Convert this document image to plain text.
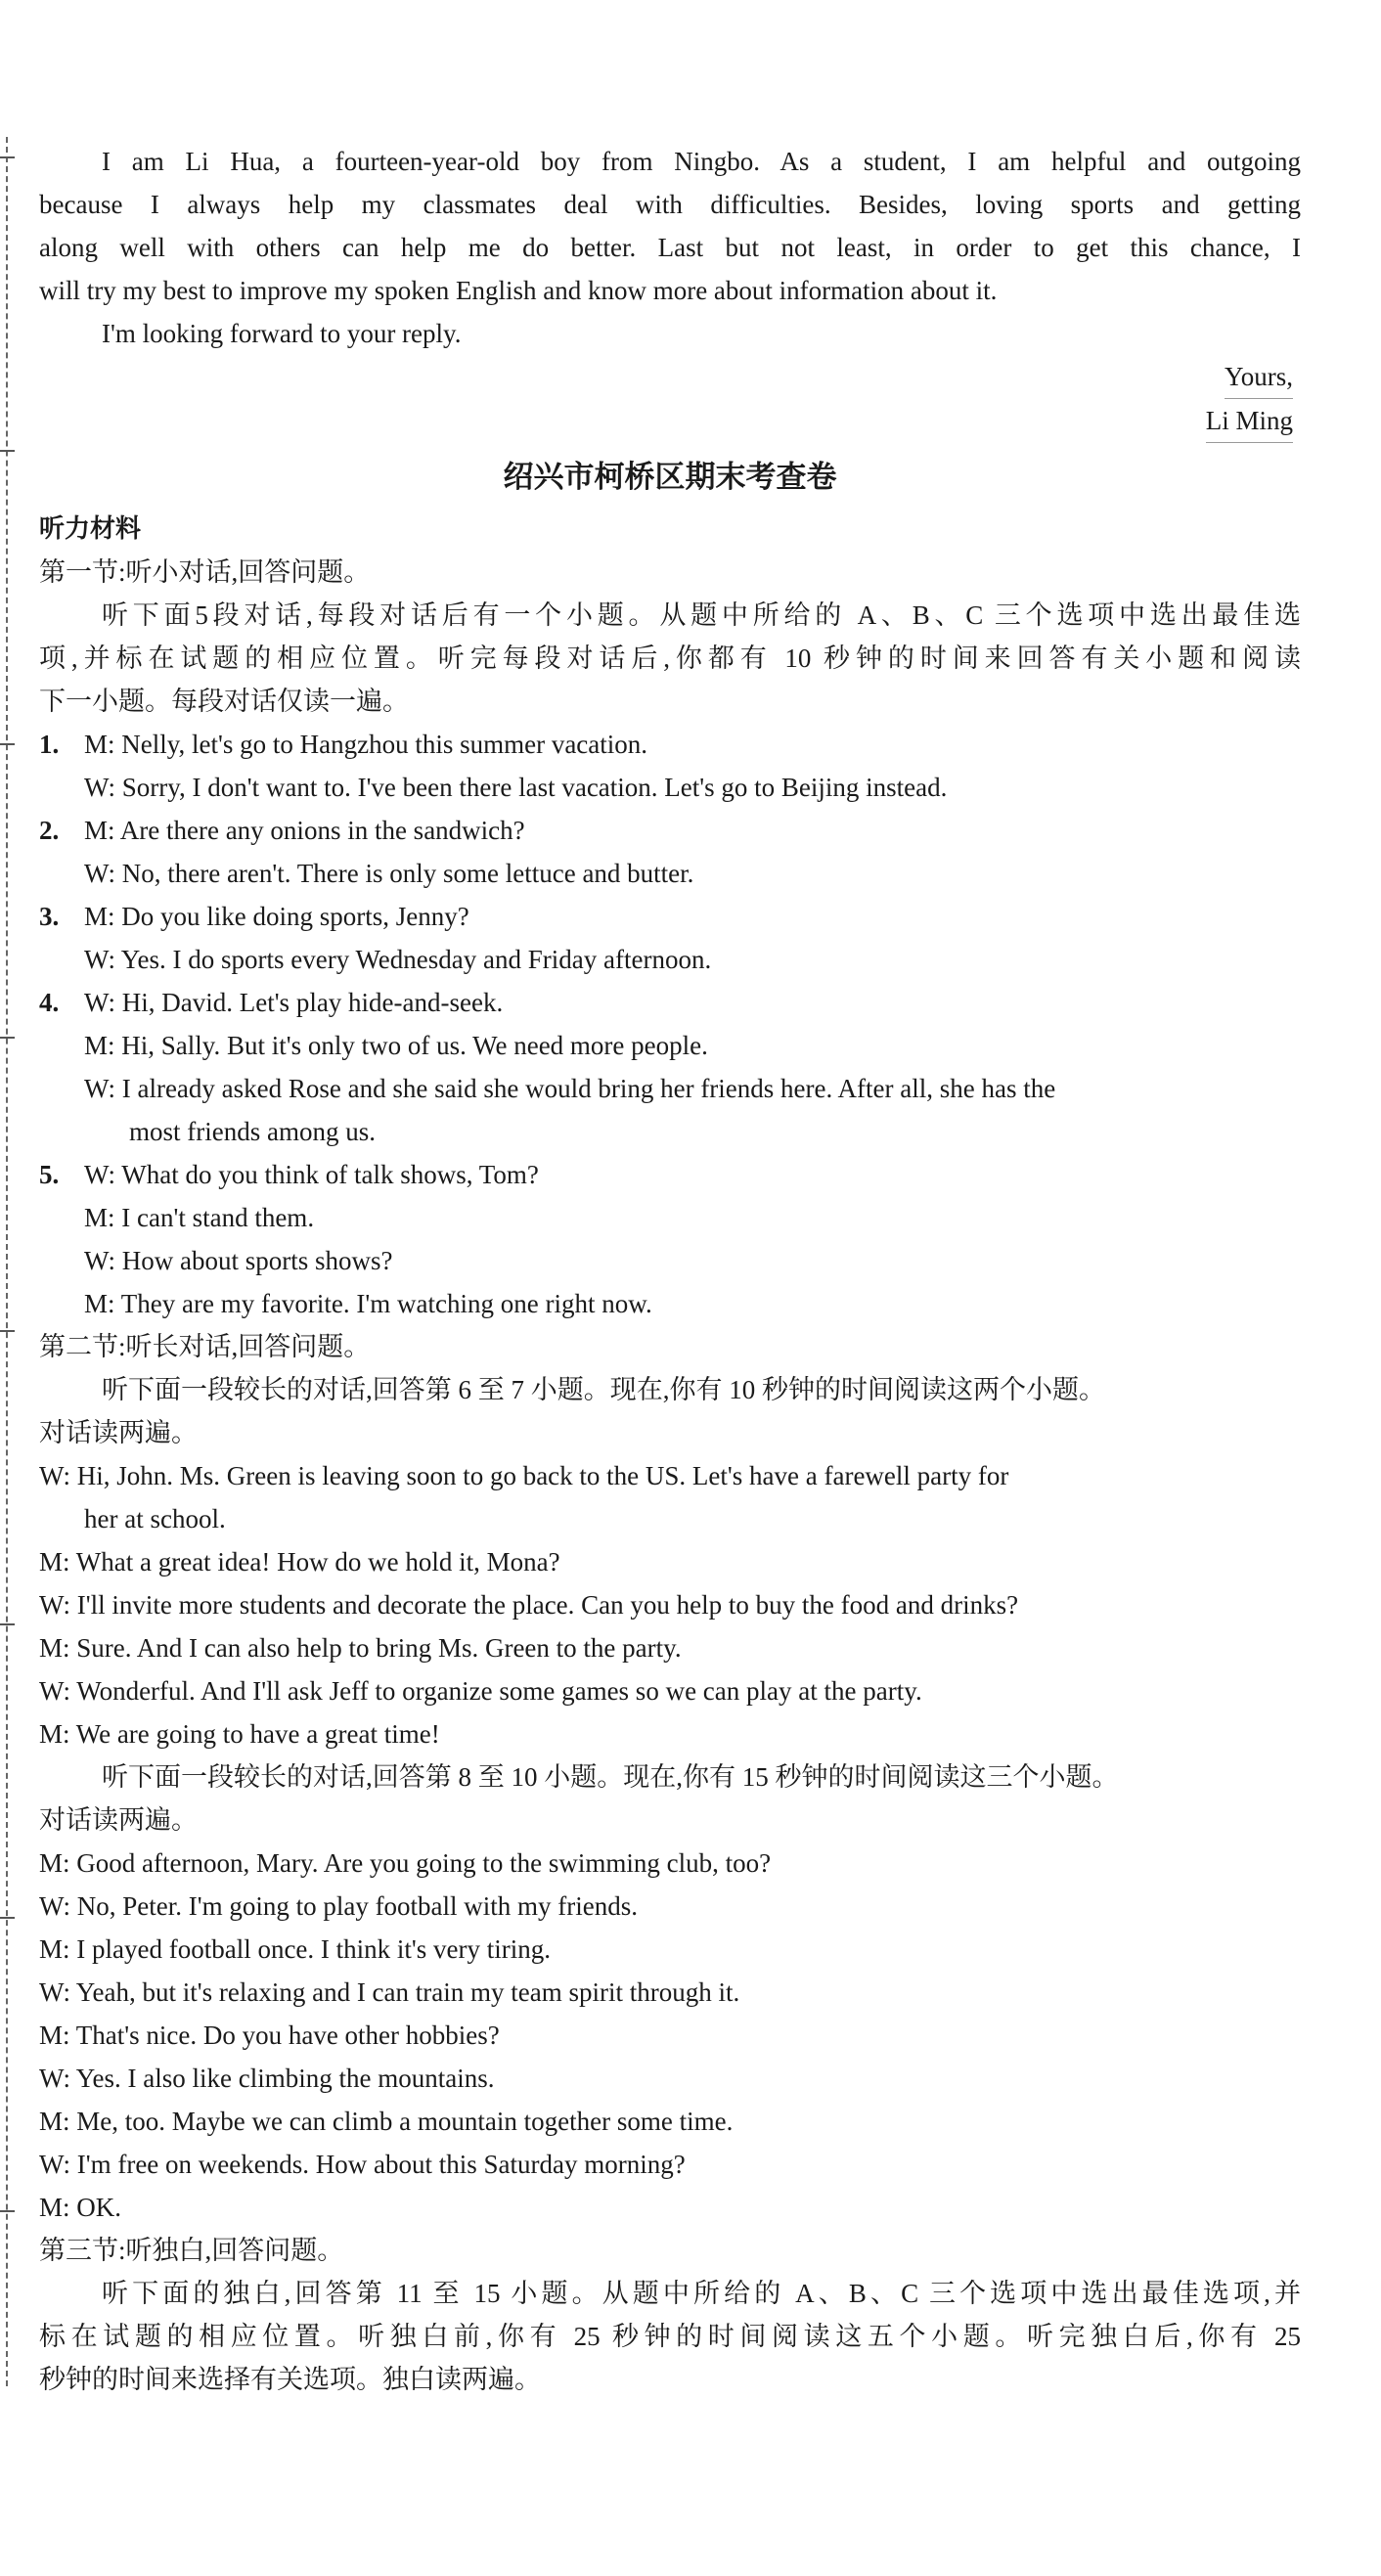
I am Li Hua, a fourteen-year-old boy from Ningbo. As a student, I am helpful and outgoing
because I always help my classmates deal with difficulties. Besides, loving sports and getting
along well with others can help me do better. Last but not least, in order to get this chance, I
will try my best to improve my spoken English and know more about information about it.
I'm looking forward to your reply.
Yours,
Li Ming
绍兴市柯桥区期末考查卷
听力材料
第一节:听小对话,回答问题。
听下面5段对话,每段对话后有一个小题。从题中所给的 A、B、C 三个选项中选出最佳选
项,并标在试题的相应位置。听完每段对话后,你都有 10 秒钟的时间来回答有关小题和阅读
下一小题。每段对话仅读一遍。
1. M: Nelly, let's go to Hangzhou this summer vacation.
W: Sorry, I don't want to. I've been there last vacation. Let's go to Beijing instead.
2. M: Are there any onions in the sandwich?
W: No, there aren't. There is only some lettuce and butter.
3. M: Do you like doing sports, Jenny?
W: Yes. I do sports every Wednesday and Friday afternoon.
4. W: Hi, David. Let's play hide-and-seek.
M: Hi, Sally. But it's only two of us. We need more people.
W: I already asked Rose and she said she would bring her friends here. After all, she has the
most friends among us.
5. W: What do you think of talk shows, Tom?
M: I can't stand them.
W: How about sports shows?
M: They are my favorite. I'm watching one right now.
第二节:听长对话,回答问题。
听下面一段较长的对话,回答第 6 至 7 小题。现在,你有 10 秒钟的时间阅读这两个小题。
对话读两遍。
W: Hi, John. Ms. Green is leaving soon to go back to the US. Let's have a farewell party for
her at school.
M: What a great idea! How do we hold it, Mona?
W: I'll invite more students and decorate the place. Can you help to buy the food and drinks?
M: Sure. And I can also help to bring Ms. Green to the party.
W: Wonderful. And I'll ask Jeff to organize some games so we can play at the party.
M: We are going to have a great time!
听下面一段较长的对话,回答第 8 至 10 小题。现在,你有 15 秒钟的时间阅读这三个小题。
对话读两遍。
M: Good afternoon, Mary. Are you going to the swimming club, too?
W: No, Peter. I'm going to play football with my friends.
M: I played football once. I think it's very tiring.
W: Yeah, but it's relaxing and I can train my team spirit through it.
M: That's nice. Do you have other hobbies?
W: Yes. I also like climbing the mountains.
M: Me, too. Maybe we can climb a mountain together some time.
W: I'm free on weekends. How about this Saturday morning?
M: OK.
第三节:听独白,回答问题。
听下面的独白,回答第 11 至 15 小题。从题中所给的 A、B、C 三个选项中选出最佳选项,并
标在试题的相应位置。听独白前,你有 25 秒钟的时间阅读这五个小题。听完独白后,你有 25
秒钟的时间来选择有关选项。独白读两遍。
